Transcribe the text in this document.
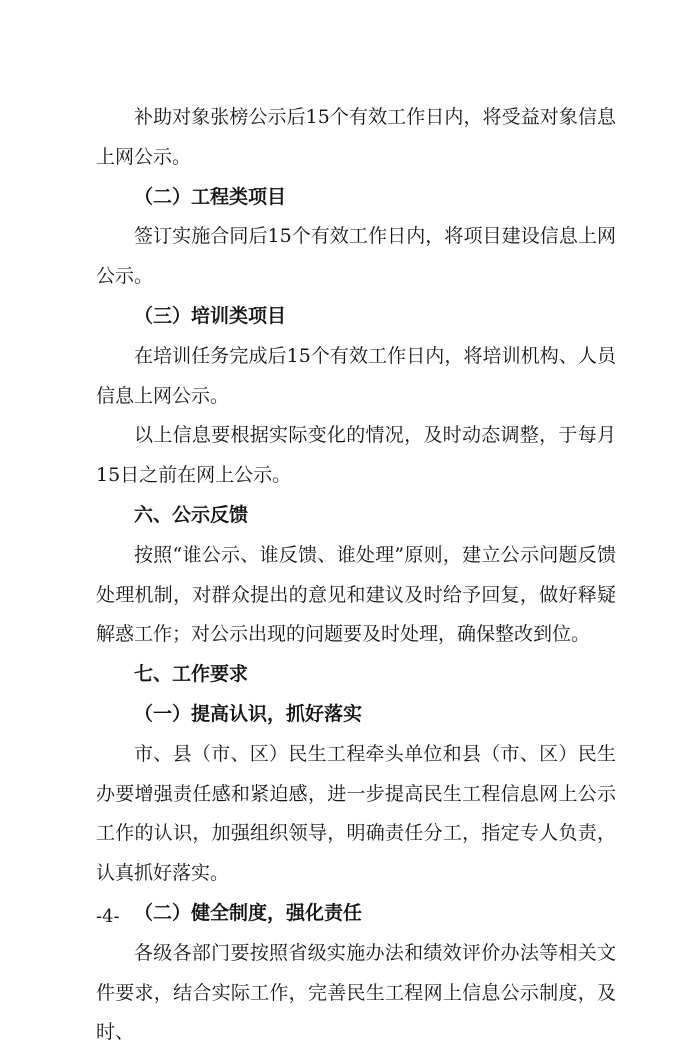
补助对象张榜公示后15个有效工作日内，将受益对象信息上网公示。

（二）工程类项目

签订实施合同后15个有效工作日内，将项目建设信息上网公示。

（三）培训类项目

在培训任务完成后15个有效工作日内，将培训机构、人员信息上网公示。

以上信息要根据实际变化的情况，及时动态调整，于每月15日之前在网上公示。

六、公示反馈

按照“谁公示、谁反馈、谁处理”原则，建立公示问题反馈处理机制，对群众提出的意见和建议及时给予回复，做好释疑解惑工作；对公示出现的问题要及时处理，确保整改到位。

七、工作要求

（一）提高认识，抓好落实

市、县（市、区）民生工程牵头单位和县（市、区）民生办要增强责任感和紧迫感，进一步提高民生工程信息网上公示工作的认识，加强组织领导，明确责任分工，指定专人负责，认真抓好落实。

（二）健全制度，强化责任

各级各部门要按照省级实施办法和绩效评价办法等相关文件要求，结合实际工作，完善民生工程网上信息公示制度，及时、

-4-
